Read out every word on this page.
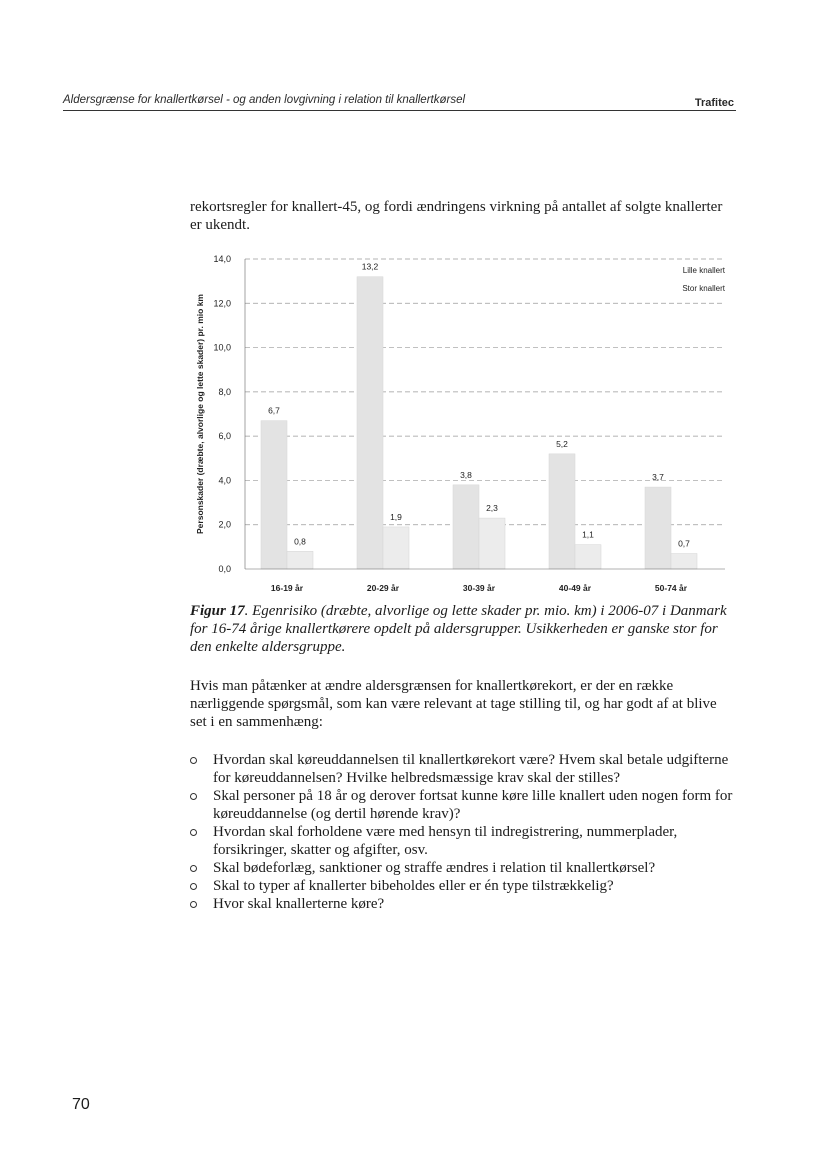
Aldersgrænse for knallertkørsel - og anden lovgivning i relation til knallertkørsel	Trafitec
rekortsregler for knallert-45, og fordi ændringens virkning på antallet af solgte knallerter er ukendt.
0,0
2,0
4,0
6,0
8,0
10,0
12,0
14,0
6,7
0,8
16-19 år
13,2
1,9
20-29 år
3,8
2,3
30-39 år
5,2
1,1
40-49 år
3,7
0,7
50-74 år
Lille knallert
Stor knallert
Personskader (dræbte, alvorlige og lette skader) pr. mio km
Figur 17. Egenrisiko (dræbte, alvorlige og lette skader pr. mio. km) i 2006-07 i Danmark for 16-74 årige knallertkørere opdelt på aldersgrupper. Usikkerheden er ganske stor for den enkelte aldersgruppe.
Hvis man påtænker at ændre aldersgrænsen for knallertkørekort, er der en række nærliggende spørgsmål, som kan være relevant at tage stilling til, og har godt af at blive set i en sammenhæng:
Hvordan skal køreuddannelsen til knallertkørekort være? Hvem skal betale udgifterne for køreuddannelsen? Hvilke helbredsmæssige krav skal der stilles?
Skal personer på 18 år og derover fortsat kunne køre lille knallert uden nogen form for køreuddannelse (og dertil hørende krav)?
Hvordan skal forholdene være med hensyn til indregistrering, nummerplader, forsikringer, skatter og afgifter, osv.
Skal bødeforlæg, sanktioner og straffe ændres i relation til knallertkørsel?
Skal to typer af knallerter bibeholdes eller er én type tilstrækkelig?
Hvor skal knallerterne køre?
70
